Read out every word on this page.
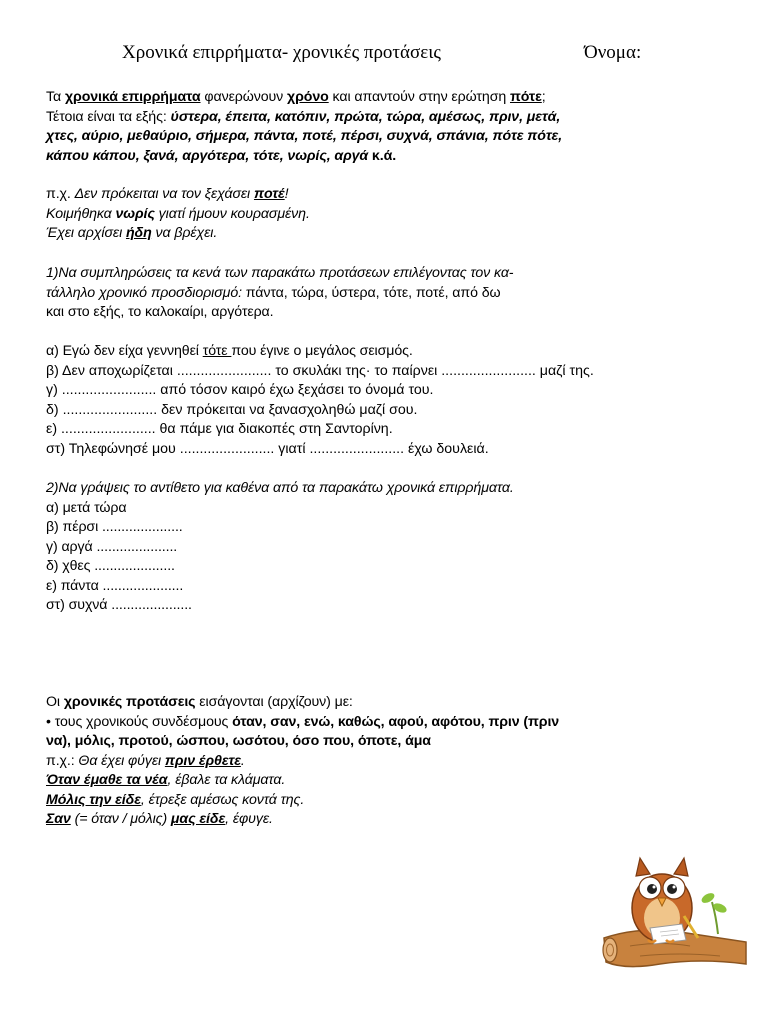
Χρονικά επιρρήματα- χρονικές προτάσεις	Όνομα:
Τα χρονικά επιρρήματα φανερώνουν χρόνο και απαντούν στην ερώτηση πότε;
Τέτοια είναι τα εξής: ύστερα, έπειτα, κατόπιν, πρώτα, τώρα, αμέσως, πριν, μετά,
χτες, αύριο, μεθαύριο, σήμερα, πάντα, ποτέ, πέρσι, συχνά, σπάνια, πότε πότε,
κάπου κάπου, ξανά, αργότερα, τότε, νωρίς, αργά κ.ά.
π.χ. Δεν πρόκειται να τον ξεχάσει ποτέ!
Κοιμήθηκα νωρίς γιατί ήμουν κουρασμένη.
Έχει αρχίσει ήδη να βρέχει.
1)Να συμπληρώσεις τα κενά των παρακάτω προτάσεων επιλέγοντας τον κα-
τάλληλο χρονικό προσδιορισμό: πάντα, τώρα, ύστερα, τότε, ποτέ, από δω
και στο εξής, το καλοκαίρι, αργότερα.
α) Εγώ δεν είχα γεννηθεί τότε που έγινε ο μεγάλος σεισμός.
β) Δεν αποχωρίζεται ........................ το σκυλάκι της· το παίρνει ........................ μαζί της.
γ) ........................ από τόσον καιρό έχω ξεχάσει το όνομά του.
δ) ........................ δεν πρόκειται να ξανασχοληθώ μαζί σου.
ε) ........................ θα πάμε για διακοπές στη Σαντορίνη.
στ) Τηλεφώνησέ μου ........................ γιατί ........................ έχω δουλειά.
2)Να γράψεις το αντίθετο για καθένα από τα παρακάτω χρονικά επιρρήματα.
α) μετά τώρα
β) πέρσι .....................
γ) αργά .....................
δ) χθες .....................
ε) πάντα .....................
στ) συχνά .....................
Οι χρονικές προτάσεις εισάγονται (αρχίζουν) με:
• τους χρονικούς συνδέσμους όταν, σαν, ενώ, καθώς, αφού, αφότου, πριν (πριν
να), μόλις, προτού, ώσπου, ωσότου, όσο που, όποτε, άμα
π.χ.: Θα έχει φύγει πριν έρθετε.
Όταν έμαθε τα νέα, έβαλε τα κλάματα.
Μόλις την είδε, έτρεξε αμέσως κοντά της.
Σαν (= όταν / μόλις) μας είδε, έφυγε.
